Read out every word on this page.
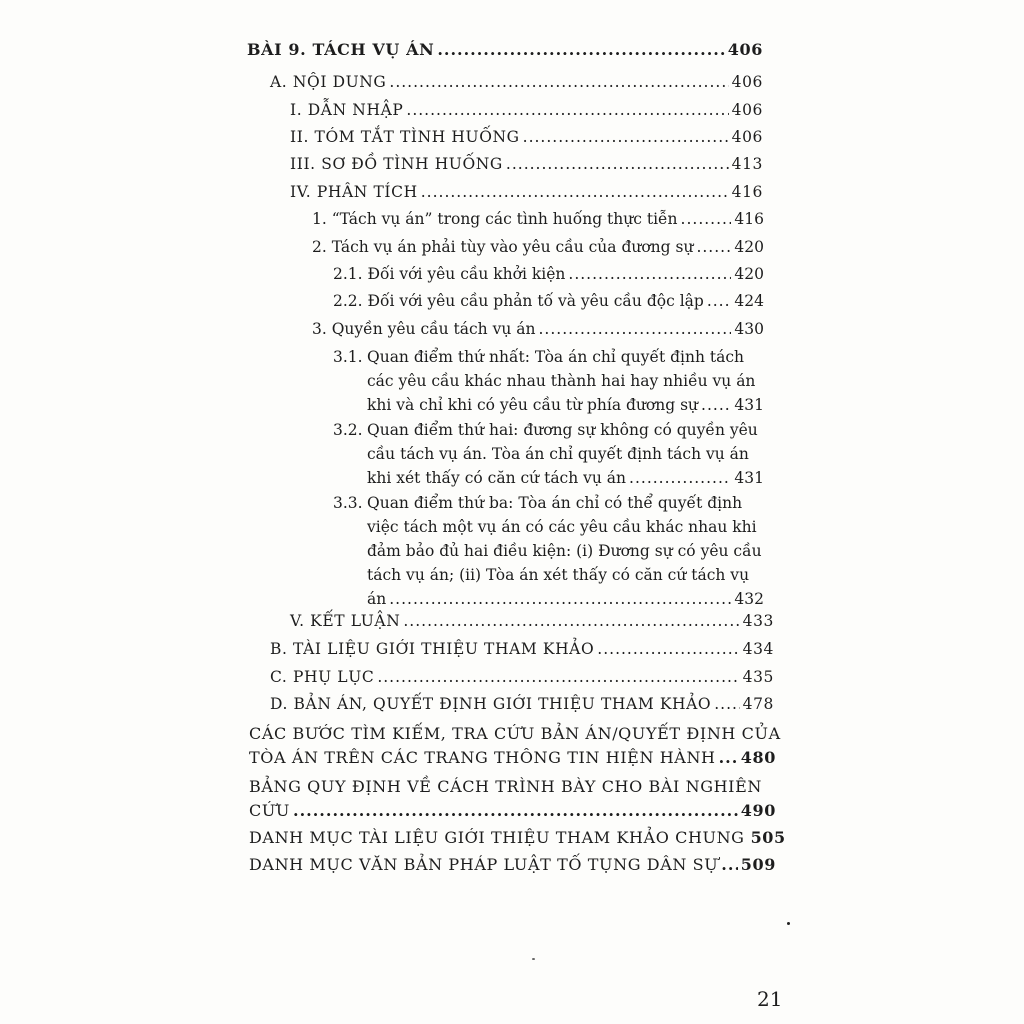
BÀI 9. TÁCH VỤ ÁN .....	406
A. NỘI DUNG .....	406
I. DẪN NHẬP .....	406
II. TÓM TẮT TÌNH HUỐNG .....	406
III. SƠ ĐỒ TÌNH HUỐNG .....	413
IV. PHÂN TÍCH .....	416
1. “Tách vụ án” trong các tình huống thực tiễn .....	416
2. Tách vụ án phải tùy vào yêu cầu của đương sự .....	420
2.1. Đối với yêu cầu khởi kiện .....	420
2.2. Đối với yêu cầu phản tố và yêu cầu độc lập ..... 424
3. Quyền yêu cầu tách vụ án .....	430
3.1. Quan điểm thứ nhất: Tòa án chỉ quyết định tách
các yêu cầu khác nhau thành hai hay nhiều vụ án
khi và chỉ khi có yêu cầu từ phía đương sự ..... 431
3.2. Quan điểm thứ hai: đương sự không có quyền yêu
cầu tách vụ án. Tòa án chỉ quyết định tách vụ án
khi xét thấy có căn cứ tách vụ án .....	431
3.3. Quan điểm thứ ba: Tòa án chỉ có thể quyết định
việc tách một vụ án có các yêu cầu khác nhau khi
đảm bảo đủ hai điều kiện: (i) Đương sự có yêu cầu
tách vụ án; (ii) Tòa án xét thấy có căn cứ tách vụ
án .....	432
V. KẾT LUẬN .....	433
B. TÀI LIỆU GIỚI THIỆU THAM KHẢO .....	434
C. PHỤ LỤC .....	435
D. BẢN ÁN, QUYẾT ĐỊNH GIỚI THIỆU THAM KHẢO ..... 478
CÁC BƯỚC TÌM KIẾM, TRA CỨU BẢN ÁN/QUYẾT ĐỊNH CỦA
TÒA ÁN TRÊN CÁC TRANG THÔNG TIN HIỆN HÀNH ..... 480
BẢNG QUY ĐỊNH VỀ CÁCH TRÌNH BÀY CHO BÀI NGHIÊN
CỨU .....	490
DANH MỤC TÀI LIỆU GIỚI THIỆU THAM KHẢO CHUNG 505
DANH MỤC VĂN BẢN PHÁP LUẬT TỐ TỤNG DÂN SỰ ..... 509
21
